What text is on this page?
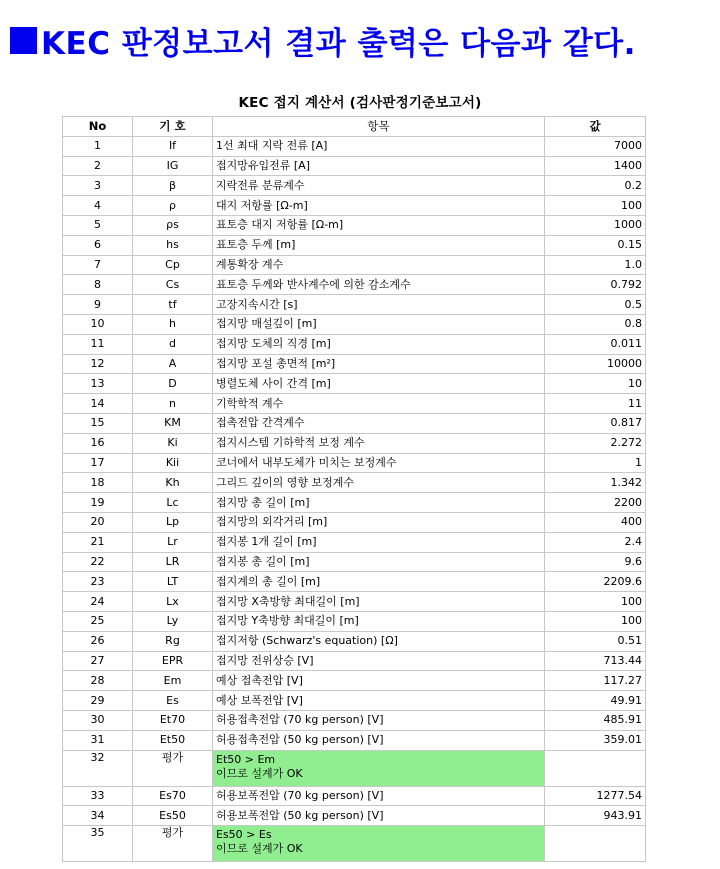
KEC 판정보고서 결과 출력은 다음과 같다.
KEC 접지 계산서 (검사판정기준보고서)
No	기 호	항목	값
1	If	1선 최대 지락 전류 [A]	7000
2	IG	접지망유입전류 [A]	1400
3	β	지락전류 분류계수	0.2
4	ρ	대지 저항률 [Ω-m]	100
5	ρs	표토층 대지 저항률 [Ω-m]	1000
6	hs	표토층 두께 [m]	0.15
7	Cp	계통확장 계수	1.0
8	Cs	표토층 두께와 반사계수에 의한 감소계수	0.792
9	tf	고장지속시간 [s]	0.5
10	h	접지망 매설깊이 [m]	0.8
11	d	접지망 도체의 직경 [m]	0.011
12	A	접지망 포설 총면적 [m²]	10000
13	D	병렬도체 사이 간격 [m]	10
14	n	기학학적 계수	11
15	KM	접촉전압 간격계수	0.817
16	Ki	접지시스템 기하학적 보정 계수	2.272
17	Kii	코너에서 내부도체가 미치는 보정계수	1
18	Kh	그리드 깊이의 영향 보정계수	1.342
19	Lc	접지망 총 길이 [m]	2200
20	Lp	접지망의 외각거리 [m]	400
21	Lr	접지봉 1개 길이 [m]	2.4
22	LR	접지봉 총 길이 [m]	9.6
23	LT	접지계의 총 길이 [m]	2209.6
24	Lx	접지망 X축방향 최대길이 [m]	100
25	Ly	접지망 Y축방향 최대길이 [m]	100
26	Rg	접지저항 (Schwarz's equation) [Ω]	0.51
27	EPR	접지망 전위상승 [V]	713.44
28	Em	예상 접촉전압 [V]	117.27
29	Es	예상 보폭전압 [V]	49.91
30	Et70	허용접촉전압 (70 kg person) [V]	485.91
31	Et50	허용접촉전압 (50 kg person) [V]	359.01
32	평가	Et50 > Em
이므로 설계가 OK	

33	Es70	허용보폭전압 (70 kg person) [V]	1277.54
34	Es50	허용보폭전압 (50 kg person) [V]	943.91
35	평가	Es50 > Es
이므로 설계가 OK	
